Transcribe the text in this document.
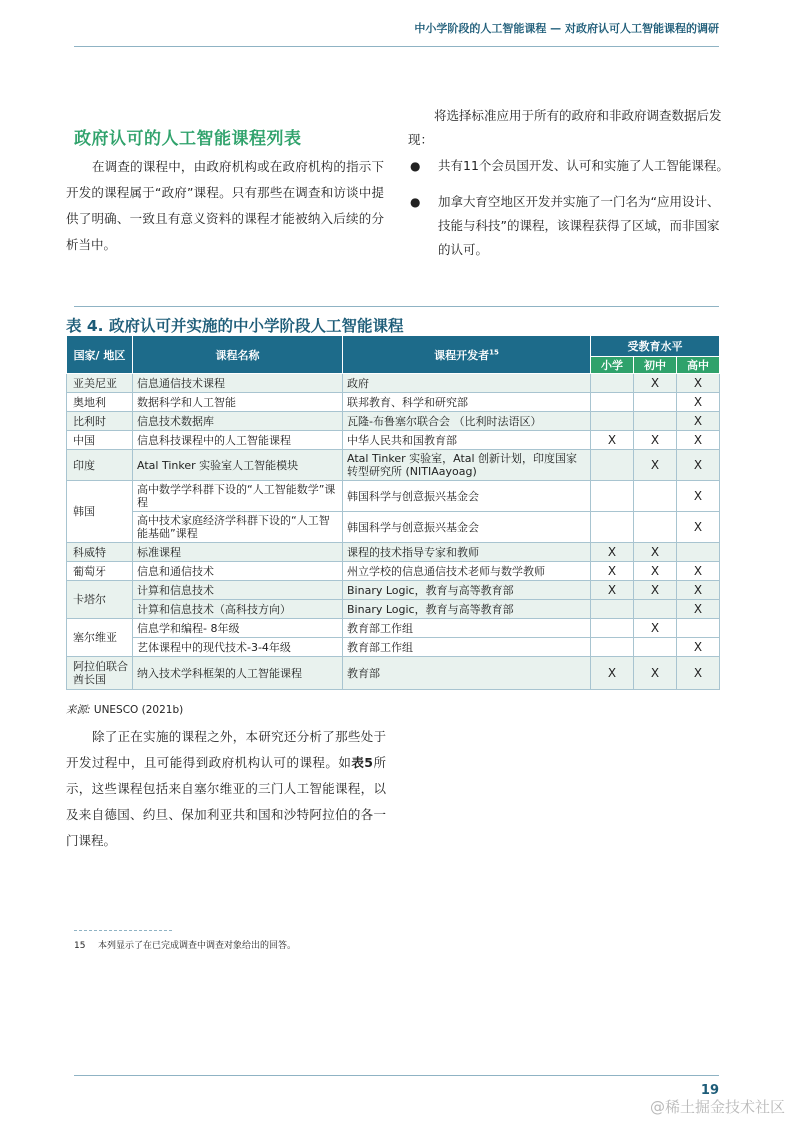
中小学阶段的人工智能课程 — 对政府认可人工智能课程的调研
将选择标准应用于所有的政府和非政府调查数据后发现：
政府认可的人工智能课程列表
在调查的课程中，由政府机构或在政府机构的指示下开发的课程属于“政府”课程。只有那些在调查和访谈中提供了明确、一致且有意义资料的课程才能被纳入后续的分析当中。
● 共有11个会员国开发、认可和实施了人工智能课程。
● 加拿大育空地区开发并实施了一门名为“应用设计、技能与科技”的课程，该课程获得了区域，而非国家的认可。
表 4. 政府认可并实施的中小学阶段人工智能课程
国家/ 地区	课程名称	课程开发者$^{15}$	受教育水平		
			小学	初中	高中
亚美尼亚	信息通信技术课程	政府		X	X
奥地利	数据科学和人工智能	联邦教育、科学和研究部			X
比利时	信息技术数据库	瓦隆-布鲁塞尔联合会 （比利时法语区）			X
中国	信息科技课程中的人工智能课程	中华人民共和国教育部	X	X	X
印度	Atal Tinker 实验室人工智能模块	Atal Tinker 实验室，Atal 创新计划，印度国家转型研究所 (NITIAayoag)		X	X
韩国	高中数学学科群下设的“人工智能数学”课程	韩国科学与创意振兴基金会			X
	高中技术家庭经济学科群下设的“人工智能基础”课程	韩国科学与创意振兴基金会			X
科威特	标准课程	课程的技术指导专家和教师	X	X	
葡萄牙	信息和通信技术	州立学校的信息通信技术老师与数学教师	X	X	X
卡塔尔	计算和信息技术	Binary Logic，教育与高等教育部	X	X	X
	计算和信息技术（高科技方向）	Binary Logic，教育与高等教育部			X
塞尔维亚	信息学和编程- 8年级	教育部工作组		X	
	艺体课程中的现代技术-3-4年级	教育部工作组			X
阿拉伯联合酋长国	纳入技术学科框架的人工智能课程	教育部	X	X	X
来源: UNESCO (2021b)
除了正在实施的课程之外，本研究还分析了那些处于开发过程中，且可能得到政府机构认可的课程。如表5所示，这些课程包括来自塞尔维亚的三门人工智能课程，以及来自德国、约旦、保加利亚共和国和沙特阿拉伯的各一门课程。
15 本列显示了在已完成调查中调查对象给出的回答。
19
@稀土掘金技术社区
